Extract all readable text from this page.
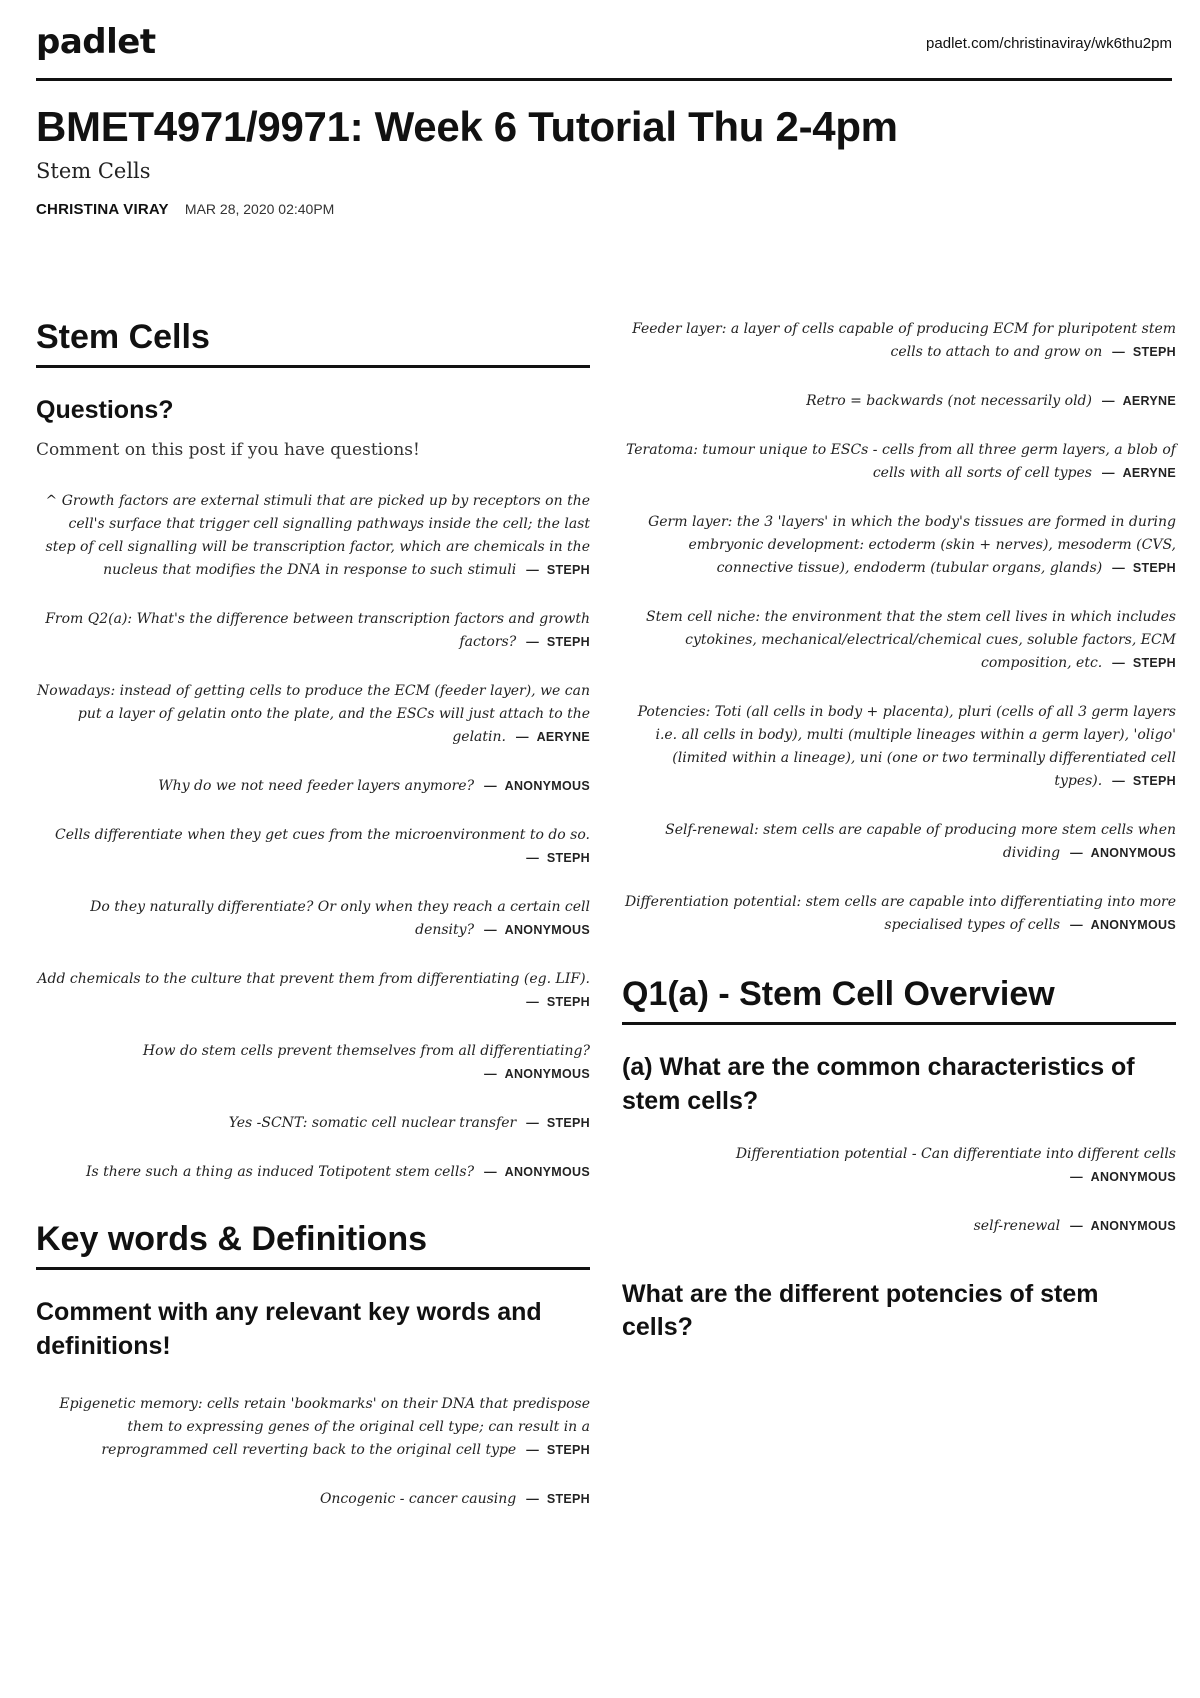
padlet	padlet.com/christinaviray/wk6thu2pm
BMET4971/9971: Week 6 Tutorial Thu 2-4pm
Stem Cells
CHRISTINA VIRAY MAR 28, 2020 02:40PM
Stem Cells
Questions?
Comment on this post if you have questions!
^ Growth factors are external stimuli that are picked up by receptors on the cell's surface that trigger cell signalling pathways inside the cell; the last step of cell signalling will be transcription factor, which are chemicals in the nucleus that modifies the DNA in response to such stimuli — STEPH
From Q2(a): What's the difference between transcription factors and growth factors? — STEPH
Nowadays: instead of getting cells to produce the ECM (feeder layer), we can put a layer of gelatin onto the plate, and the ESCs will just attach to the gelatin. — AERYNE
Why do we not need feeder layers anymore? — ANONYMOUS
Cells differentiate when they get cues from the microenvironment to do so.— STEPH
Do they naturally differentiate? Or only when they reach a certain cell density? — ANONYMOUS
Add chemicals to the culture that prevent them from differentiating (eg. LIF).— STEPH
How do stem cells prevent themselves from all differentiating?— ANONYMOUS
Yes -SCNT: somatic cell nuclear transfer — STEPH
Is there such a thing as induced Totipotent stem cells? — ANONYMOUS
Key words & Definitions
Comment with any relevant key words and definitions!
Epigenetic memory: cells retain 'bookmarks' on their DNA that predispose them to expressing genes of the original cell type; can result in a reprogrammed cell reverting back to the original cell type — STEPH
Oncogenic - cancer causing — STEPH
Feeder layer: a layer of cells capable of producing ECM for pluripotent stem cells to attach to and grow on — STEPH
Retro = backwards (not necessarily old) — AERYNE
Teratoma: tumour unique to ESCs - cells from all three germ layers, a blob of cells with all sorts of cell types — AERYNE
Germ layer: the 3 'layers' in which the body's tissues are formed in during embryonic development: ectoderm (skin + nerves), mesoderm (CVS, connective tissue), endoderm (tubular organs, glands) — STEPH
Stem cell niche: the environment that the stem cell lives in which includes cytokines, mechanical/electrical/chemical cues, soluble factors, ECM composition, etc. — STEPH
Potencies: Toti (all cells in body + placenta), pluri (cells of all 3 germ layers i.e. all cells in body), multi (multiple lineages within a germ layer), 'oligo' (limited within a lineage), uni (one or two terminally differentiated cell types). — STEPH
Self-renewal: stem cells are capable of producing more stem cells when dividing — ANONYMOUS
Differentiation potential: stem cells are capable into differentiating into more specialised types of cells — ANONYMOUS
Q1(a) - Stem Cell Overview
(a) What are the common characteristics of stem cells?
Differentiation potential - Can differentiate into different cells— ANONYMOUS
self-renewal — ANONYMOUS
What are the different potencies of stem cells?
